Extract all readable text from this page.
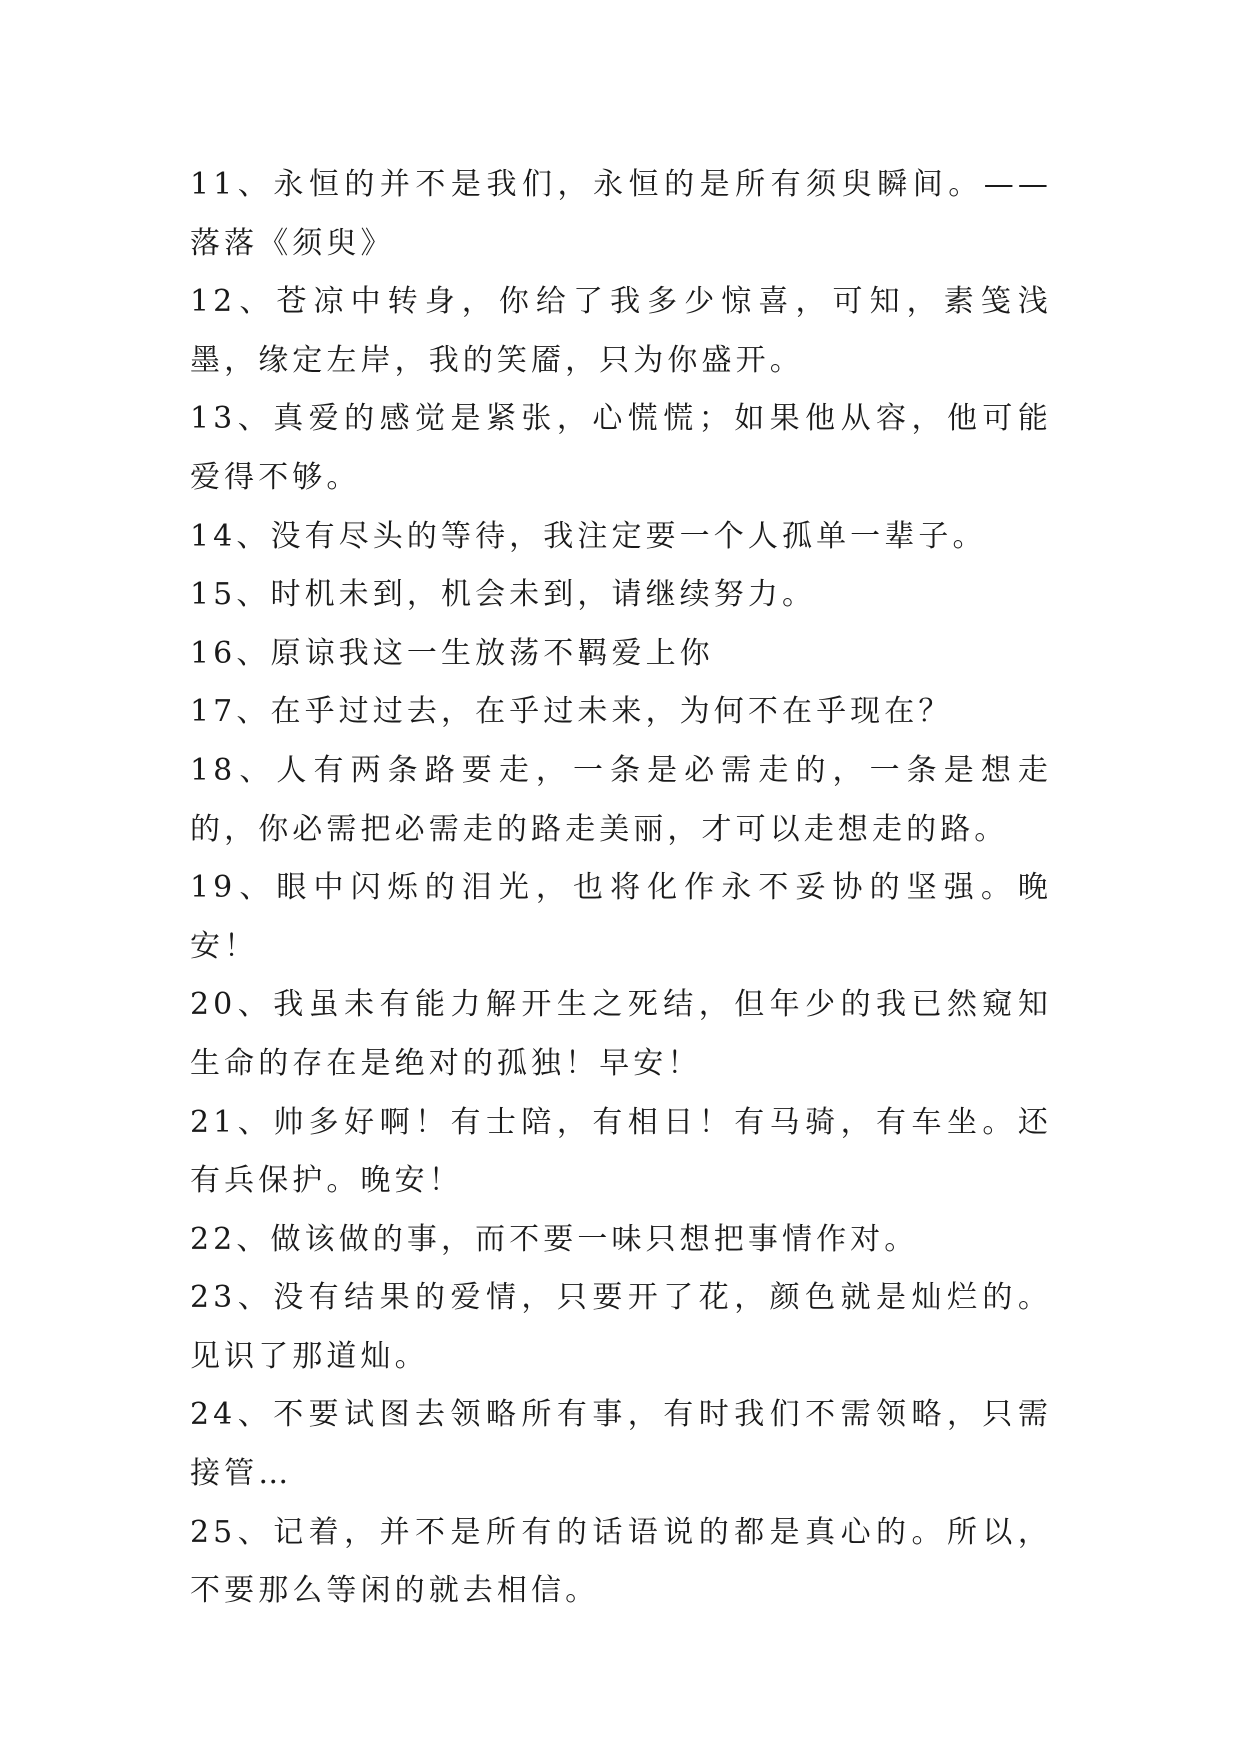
11、永恒的并不是我们，永恒的是所有须臾瞬间。——落落《须臾》

12、苍凉中转身，你给了我多少惊喜，可知，素笺浅墨，缘定左岸，我的笑靥，只为你盛开。

13、真爱的感觉是紧张，心慌慌；如果他从容，他可能爱得不够。

14、没有尽头的等待，我注定要一个人孤单一辈子。

15、时机未到，机会未到，请继续努力。

16、原谅我这一生放荡不羁爱上你

17、在乎过过去，在乎过未来，为何不在乎现在？

18、人有两条路要走，一条是必需走的，一条是想走的，你必需把必需走的路走美丽，才可以走想走的路。

19、眼中闪烁的泪光，也将化作永不妥协的坚强。晚安！

20、我虽未有能力解开生之死结，但年少的我已然窥知生命的存在是绝对的孤独！早安！

21、帅多好啊！有士陪，有相日！有马骑，有车坐。还有兵保护。晚安！

22、做该做的事，而不要一味只想把事情作对。

23、没有结果的爱情，只要开了花，颜色就是灿烂的。见识了那道灿。

24、不要试图去领略所有事，有时我们不需领略，只需接管…

25、记着，并不是所有的话语说的都是真心的。所以，不要那么等闲的就去相信。
